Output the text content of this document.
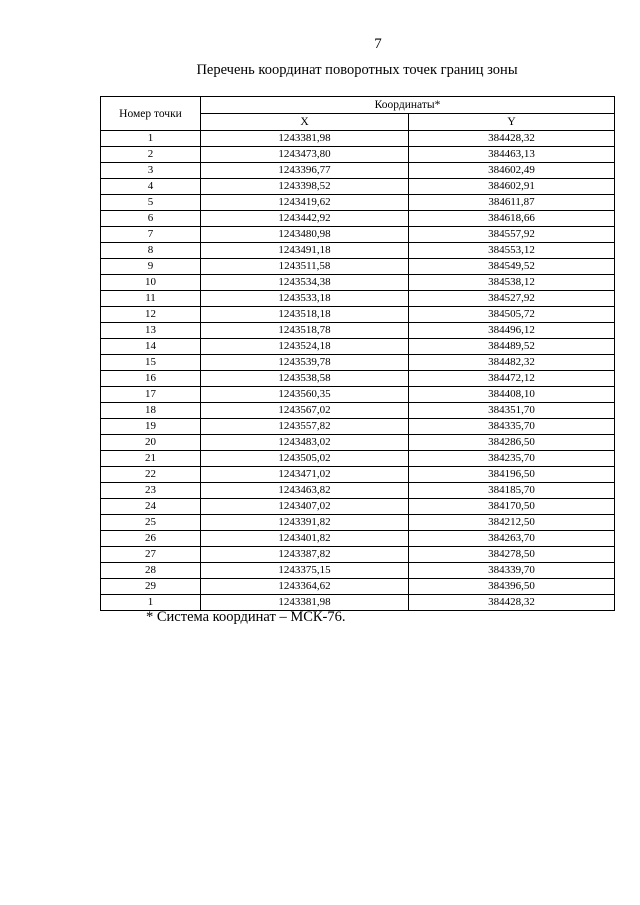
7
Перечень координат поворотных точек границ зоны
Номер точки	Координаты*	
	X	Y
1	1243381,98	384428,32
2	1243473,80	384463,13
3	1243396,77	384602,49
4	1243398,52	384602,91
5	1243419,62	384611,87
6	1243442,92	384618,66
7	1243480,98	384557,92
8	1243491,18	384553,12
9	1243511,58	384549,52
10	1243534,38	384538,12
11	1243533,18	384527,92
12	1243518,18	384505,72
13	1243518,78	384496,12
14	1243524,18	384489,52
15	1243539,78	384482,32
16	1243538,58	384472,12
17	1243560,35	384408,10
18	1243567,02	384351,70
19	1243557,82	384335,70
20	1243483,02	384286,50
21	1243505,02	384235,70
22	1243471,02	384196,50
23	1243463,82	384185,70
24	1243407,02	384170,50
25	1243391,82	384212,50
26	1243401,82	384263,70
27	1243387,82	384278,50
28	1243375,15	384339,70
29	1243364,62	384396,50
1	1243381,98	384428,32
* Система координат – МСК-76.
